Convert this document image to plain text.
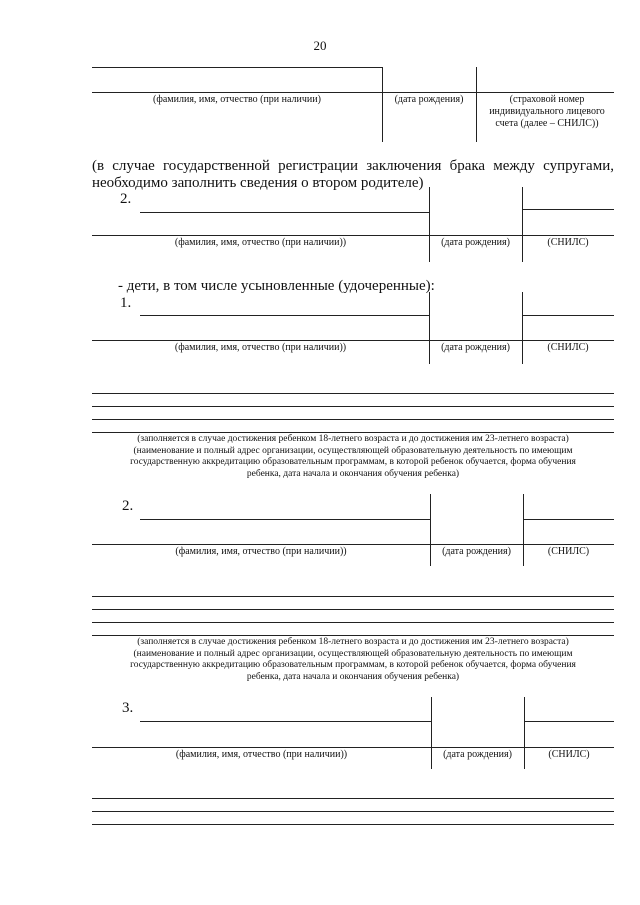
20
(фамилия, имя, отчество (при наличии)	(дата рождения)	(страховой номер
индивидуального лицевого
счета (далее – СНИЛС))
(в случае государственной регистрации заключения брака между супругами,
необходимо заполнить сведения о втором родителе)
2.
(фамилия, имя, отчество (при наличии))	(дата рождения)	(СНИЛС)
- дети, в том числе усыновленные (удочеренные):
1.
(фамилия, имя, отчество (при наличии))	(дата рождения)	(СНИЛС)
(заполняется в случае достижения ребенком 18-летнего возраста и до достижения им 23-летнего возраста)
(наименование и полный адрес организации, осуществляющей образовательную деятельность по имеющим
государственную аккредитацию образовательным программам, в которой ребенок обучается, форма обучения
ребенка, дата начала и окончания обучения ребенка)
2.
(фамилия, имя, отчество (при наличии))	(дата рождения)	(СНИЛС)
(заполняется в случае достижения ребенком 18-летнего возраста и до достижения им 23-летнего возраста)
(наименование и полный адрес организации, осуществляющей образовательную деятельность по имеющим
государственную аккредитацию образовательным программам, в которой ребенок обучается, форма обучения
ребенка, дата начала и окончания обучения ребенка)
3.
(фамилия, имя, отчество (при наличии))	(дата рождения)	(СНИЛС)
